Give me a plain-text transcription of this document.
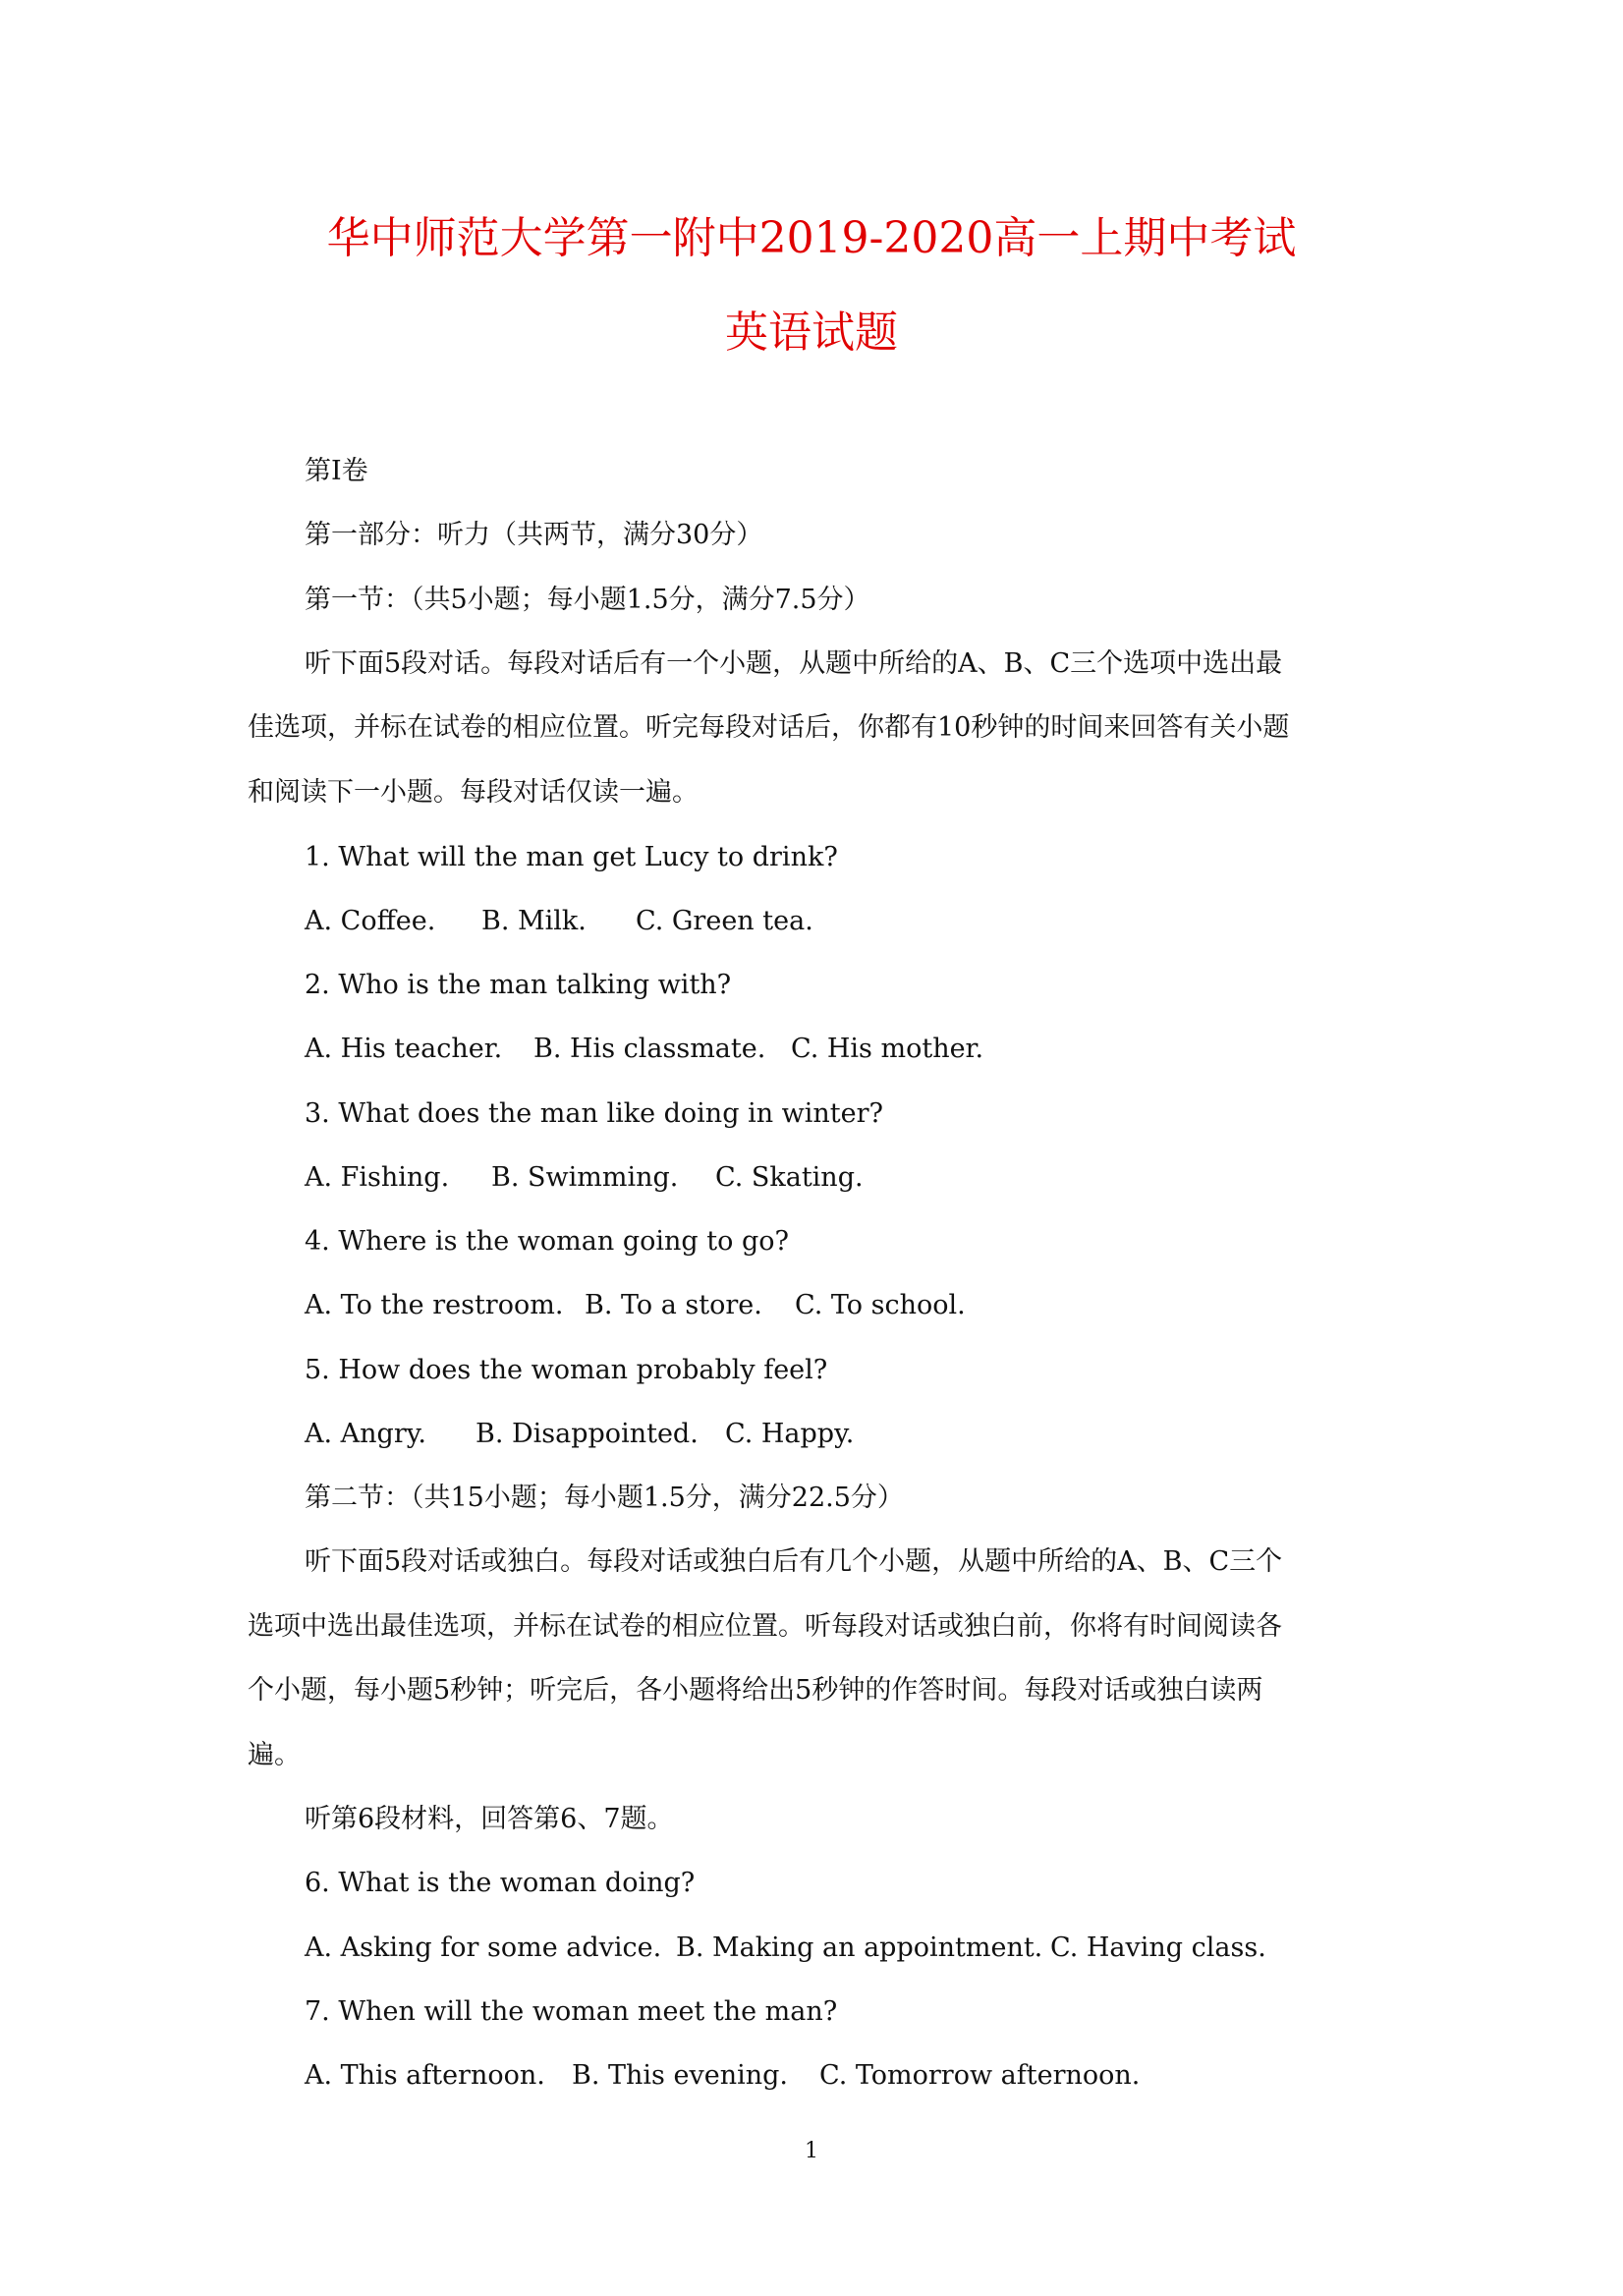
华中师范大学第一附中2019-2020高一上期中考试
英语试题
第Ⅰ卷
第一部分：听力（共两节，满分30分）
第一节：（共5小题；每小题1.5分，满分7.5分）
听下面5段对话。每段对话后有一个小题，从题中所给的A、B、C三个选项中选出最
佳选项，并标在试卷的相应位置。听完每段对话后，你都有10秒钟的时间来回答有关小题
和阅读下一小题。每段对话仅读一遍。
1. What will the man get Lucy to drink?
A. Coffee. B. Milk. C. Green tea.
2. Who is the man talking with?
A. His teacher. B. His classmate. C. His mother.
3. What does the man like doing in winter?
A. Fishing. B. Swimming. C. Skating.
4. Where is the woman going to go?
A. To the restroom. B. To a store. C. To school.
5. How does the woman probably feel?
A. Angry. B. Disappointed. C. Happy.
第二节：（共15小题；每小题1.5分，满分22.5分）
听下面5段对话或独白。每段对话或独白后有几个小题，从题中所给的A、B、C三个
选项中选出最佳选项，并标在试卷的相应位置。听每段对话或独白前，你将有时间阅读各
个小题，每小题5秒钟；听完后，各小题将给出5秒钟的作答时间。每段对话或独白读两
遍。
听第6段材料，回答第6、7题。
6. What is the woman doing?
A. Asking for some advice. B. Making an appointment. C. Having class.
7. When will the woman meet the man?
A. This afternoon. B. This evening. C. Tomorrow afternoon.
1
